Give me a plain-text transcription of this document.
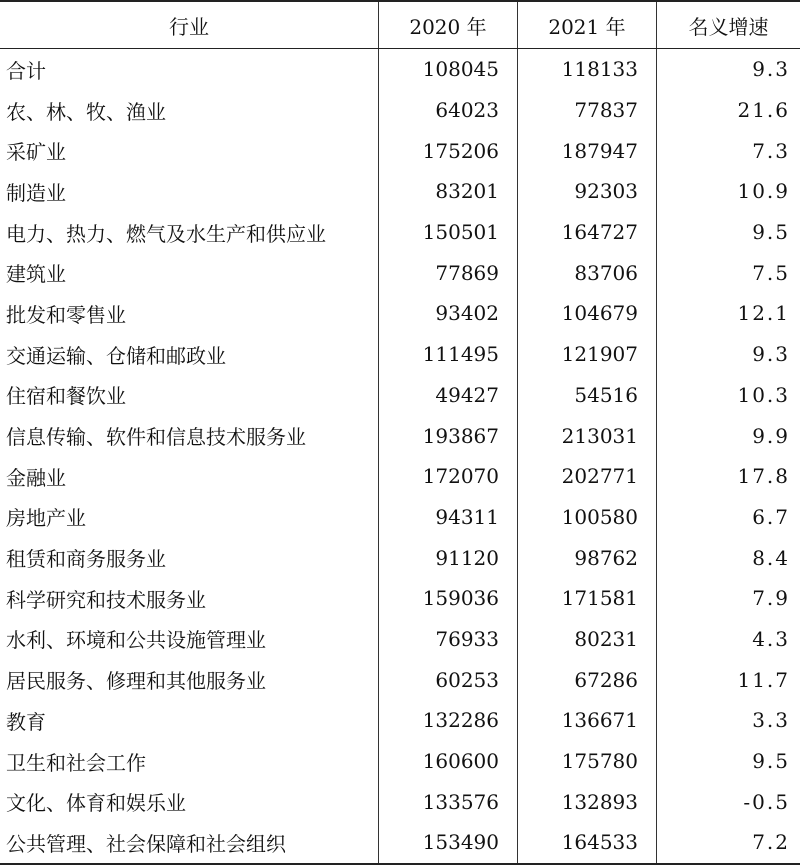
行业	2020 年	2021 年	名义增速
合计	108045	118133	9.3
农、林、牧、渔业	64023	77837	21.6
采矿业	175206	187947	7.3
制造业	83201	92303	10.9
电力、热力、燃气及水生产和供应业	150501	164727	9.5
建筑业	77869	83706	7.5
批发和零售业	93402	104679	12.1
交通运输、仓储和邮政业	111495	121907	9.3
住宿和餐饮业	49427	54516	10.3
信息传输、软件和信息技术服务业	193867	213031	9.9
金融业	172070	202771	17.8
房地产业	94311	100580	6.7
租赁和商务服务业	91120	98762	8.4
科学研究和技术服务业	159036	171581	7.9
水利、环境和公共设施管理业	76933	80231	4.3
居民服务、修理和其他服务业	60253	67286	11.7
教育	132286	136671	3.3
卫生和社会工作	160600	175780	9.5
文化、体育和娱乐业	133576	132893	-0.5
公共管理、社会保障和社会组织	153490	164533	7.2
